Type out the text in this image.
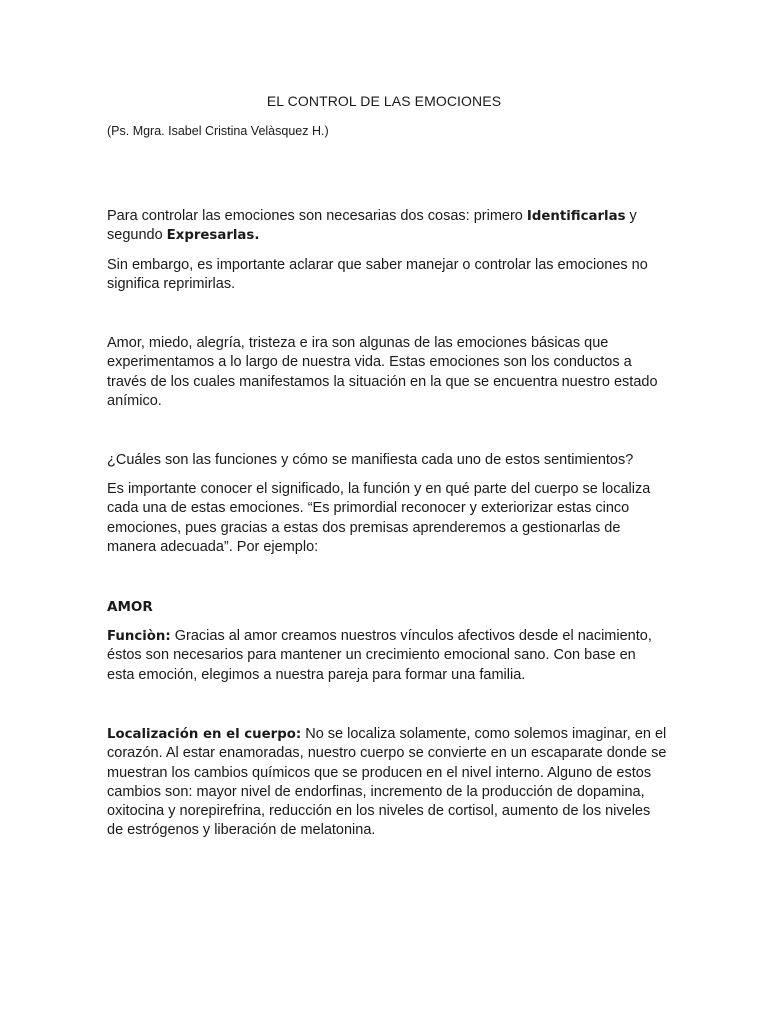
EL CONTROL DE LAS EMOCIONES
(Ps. Mgra. Isabel Cristina Velàsquez H.)

Para controlar las emociones son necesarias dos cosas: primero Identificarlas y segundo Expresarlas.

Sin embargo, es importante aclarar que saber manejar o controlar las emociones no significa reprimirlas.

Amor, miedo, alegría, tristeza e ira son algunas de las emociones básicas que experimentamos a lo largo de nuestra vida. Estas emociones son los conductos a través de los cuales manifestamos la situación en la que se encuentra nuestro estado anímico.

¿Cuáles son las funciones y cómo se manifiesta cada uno de estos sentimientos?

Es importante conocer el significado, la función y en qué parte del cuerpo se localiza cada una de estas emociones. “Es primordial reconocer y exteriorizar estas cinco emociones, pues gracias a estas dos premisas aprenderemos a gestionarlas de manera adecuada”. Por ejemplo:

AMOR

Funciòn: Gracias al amor creamos nuestros vínculos afectivos desde el nacimiento, éstos son necesarios para mantener un crecimiento emocional sano. Con base en esta emoción, elegimos a nuestra pareja para formar una familia.

Localización en el cuerpo: No se localiza solamente, como solemos imaginar, en el corazón. Al estar enamoradas, nuestro cuerpo se convierte en un escaparate donde se muestran los cambios químicos que se producen en el nivel interno. Alguno de estos cambios son: mayor nivel de endorfinas, incremento de la producción de dopamina, oxitocina y norepirefrina, reducción en los niveles de cortisol, aumento de los niveles de estrógenos y liberación de melatonina.
